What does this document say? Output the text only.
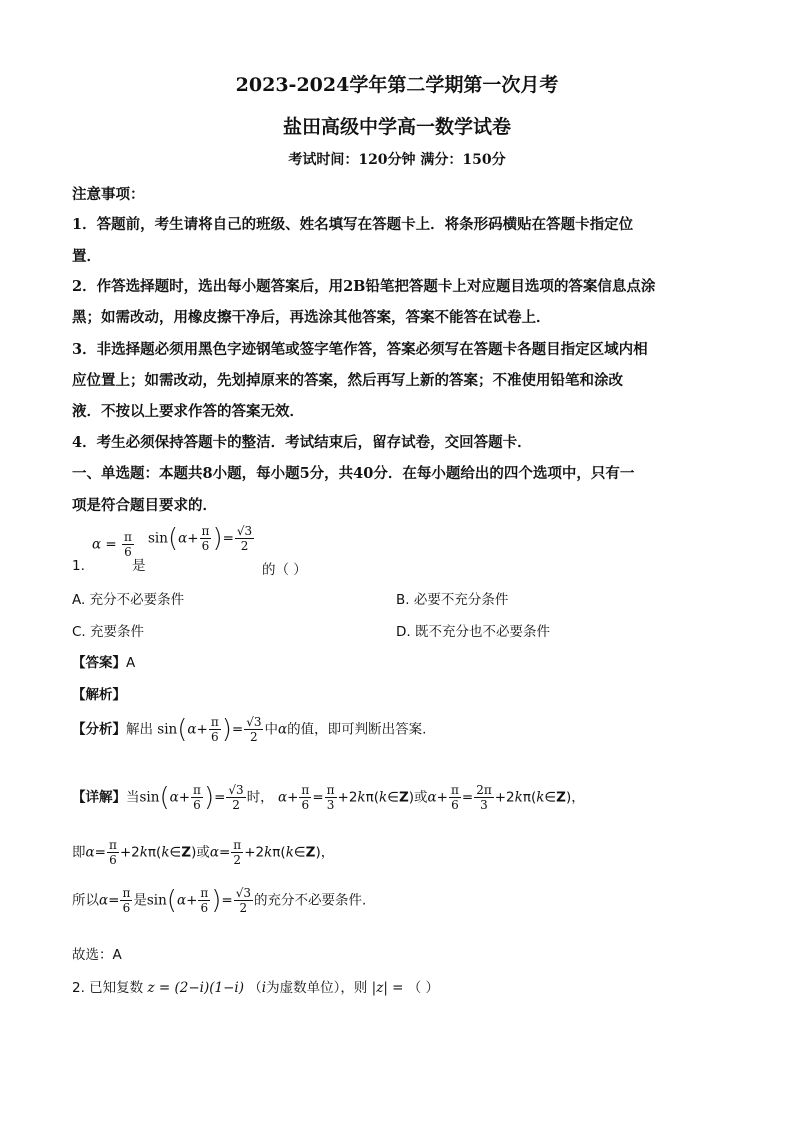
2023-2024学年第二学期第一次月考
盐田高级中学高一数学试卷
考试时间：120分钟 满分：150分
注意事项：
1．答题前，考生请将自己的班级、姓名填写在答题卡上．将条形码横贴在答题卡指定位
置．
2．作答选择题时，选出每小题答案后，用2B铅笔把答题卡上对应题目选项的答案信息点涂
黑；如需改动，用橡皮擦干净后，再选涂其他答案，答案不能答在试卷上．
3．非选择题必须用黑色字迹钢笔或签字笔作答，答案必须写在答题卡各题目指定区域内相
应位置上；如需改动，先划掉原来的答案，然后再写上新的答案；不准使用铅笔和涂改
液．不按以上要求作答的答案无效．
4．考生必须保持答题卡的整洁．考试结束后，留存试卷，交回答题卡．
一、单选题：本题共8小题，每小题5分，共40分．在每小题给出的四个选项中，只有一
项是符合题目要求的．
1.
$\alpha = \frac{\pi}{6}$
是
$\sin(\alpha+ \frac{\pi}{6}$ )= $\frac{√3}{2}$
的（ ）
A. 充分不必要条件	B. 必要不充分条件
C. 充要条件	D. 既不充分也不必要条件
【答案】A
【解析】
【分析】解出 $\sin(\alpha+ \frac{\pi}{6}$ )= $\frac{√3}{2}$ 中α的值，即可判断出答案.
【详解】当$\sin(\alpha+ \frac{\pi}{6}$ )= $\frac{√3}{2}$ 时， $\alpha+ \frac{\pi}{6} = \frac{\pi}{3}$ +2kπ(k∈Z)或$\alpha+ \frac{\pi}{6} = \frac{2\pi}{3}$ +2kπ(k∈Z)，
即$\alpha= \frac{\pi}{6}$ +2kπ(k∈Z)或$\alpha= \frac{\pi}{2}$ +2kπ(k∈Z)，
所以$\alpha= \frac{\pi}{6}$ 是$\sin(\alpha+ \frac{\pi}{6}$ )= $\frac{√3}{2}$ 的充分不必要条件.
故选：A
2. 已知复数 z = (2−i)(1−i) （i为虚数单位），则 |z| = （ ）
